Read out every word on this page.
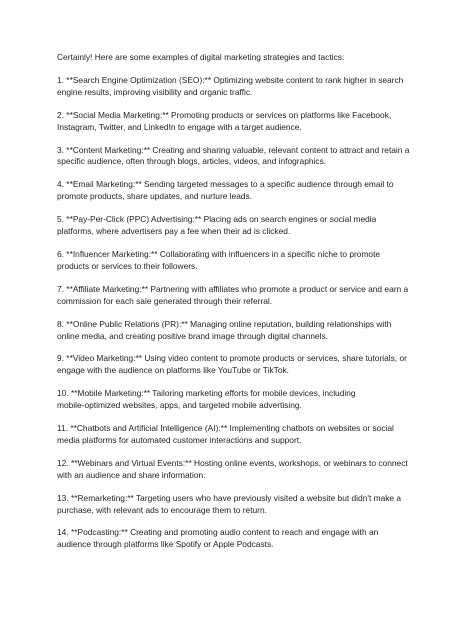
Certainly! Here are some examples of digital marketing strategies and tactics:

1. **Search Engine Optimization (SEO):** Optimizing website content to rank higher in search
engine results, improving visibility and organic traffic.
2. **Social Media Marketing:** Promoting products or services on platforms like Facebook,
Instagram, Twitter, and LinkedIn to engage with a target audience.
3. **Content Marketing:** Creating and sharing valuable, relevant content to attract and retain a
specific audience, often through blogs, articles, videos, and infographics.
4. **Email Marketing:** Sending targeted messages to a specific audience through email to
promote products, share updates, and nurture leads.
5. **Pay-Per-Click (PPC) Advertising:** Placing ads on search engines or social media
platforms, where advertisers pay a fee when their ad is clicked.
6. **Influencer Marketing:** Collaborating with influencers in a specific niche to promote
products or services to their followers.
7. **Affiliate Marketing:** Partnering with affiliates who promote a product or service and earn a
commission for each sale generated through their referral.
8. **Online Public Relations (PR):** Managing online reputation, building relationships with
online media, and creating positive brand image through digital channels.
9. **Video Marketing:** Using video content to promote products or services, share tutorials, or
engage with the audience on platforms like YouTube or TikTok.
10. **Mobile Marketing:** Tailoring marketing efforts for mobile devices, including
mobile-optimized websites, apps, and targeted mobile advertising.
11. **Chatbots and Artificial Intelligence (AI):** Implementing chatbots on websites or social
media platforms for automated customer interactions and support.
12. **Webinars and Virtual Events:** Hosting online events, workshops, or webinars to connect
with an audience and share information.
13. **Remarketing:** Targeting users who have previously visited a website but didn't make a
purchase, with relevant ads to encourage them to return.
14. **Podcasting:** Creating and promoting audio content to reach and engage with an
audience through platforms like Spotify or Apple Podcasts.
